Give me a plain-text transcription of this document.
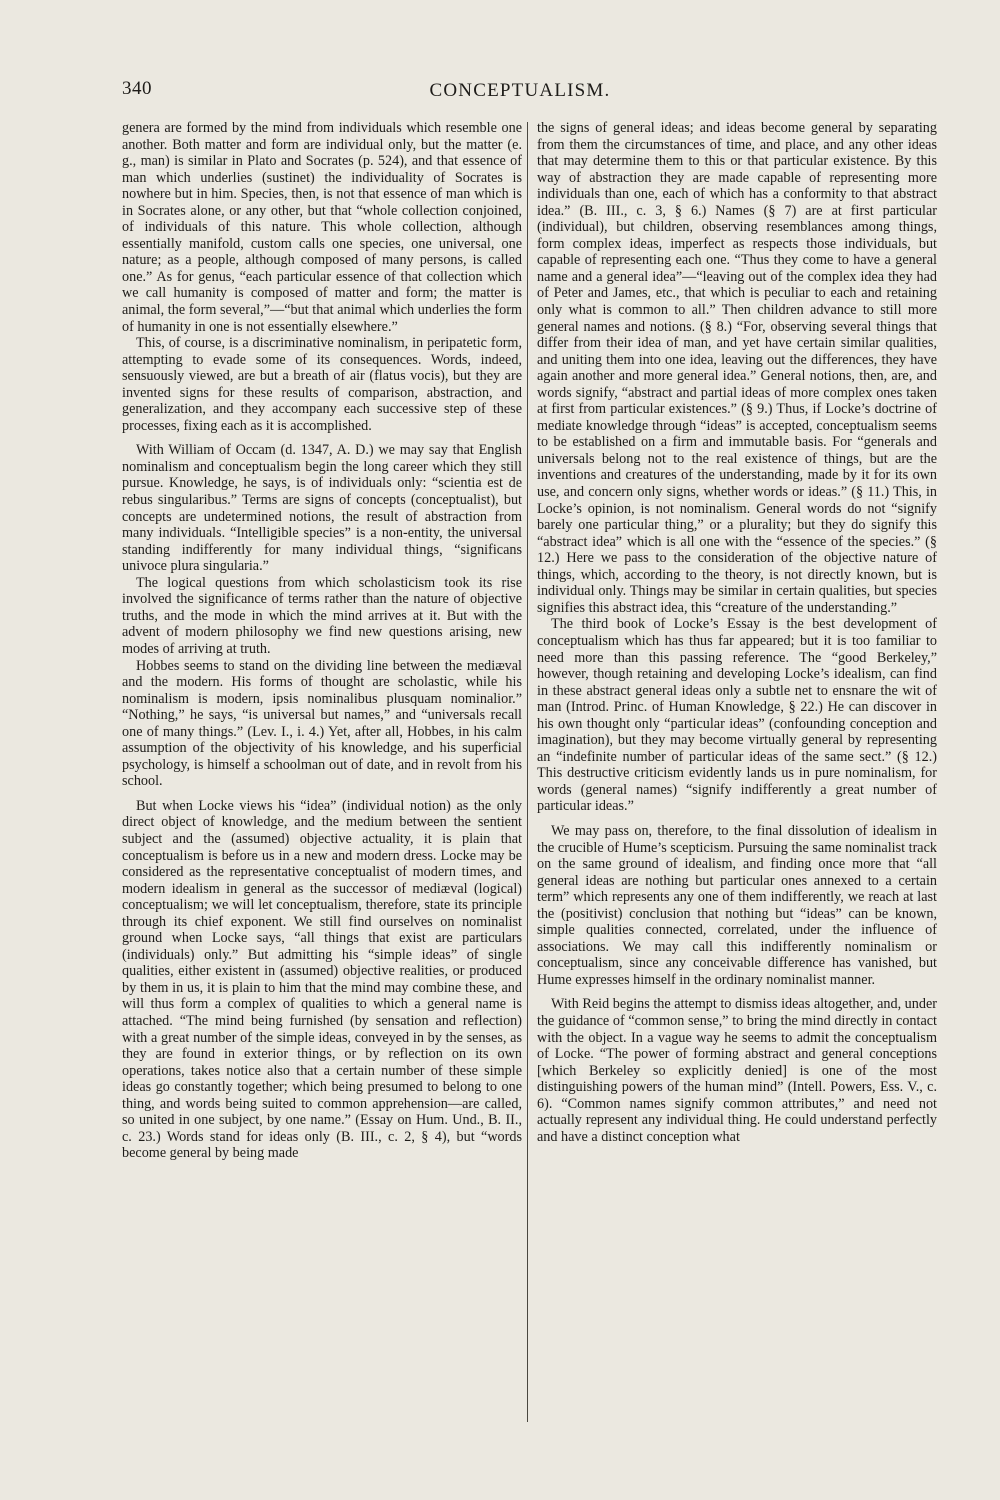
340	CONCEPTUALISM.

genera are formed by the mind from individuals which resemble one another. Both matter and form are individual only, but the matter (e. g., man) is similar in Plato and Socrates (p. 524), and that essence of man which underlies (sustinet) the individuality of Socrates is nowhere but in him. Species, then, is not that essence of man which is in Socrates alone, or any other, but that “whole collection conjoined, of individuals of this nature. This whole collection, although essentially manifold, custom calls one species, one universal, one nature; as a people, although composed of many persons, is called one.” As for genus, “each particular essence of that collection which we call humanity is composed of matter and form; the matter is animal, the form several,”—“but that animal which underlies the form of humanity in one is not essentially elsewhere.”

This, of course, is a discriminative nominalism, in peripatetic form, attempting to evade some of its consequences. Words, indeed, sensuously viewed, are but a breath of air (flatus vocis), but they are invented signs for these results of comparison, abstraction, and generalization, and they accompany each successive step of these processes, fixing each as it is accomplished.

With William of Occam (d. 1347, A. D.) we may say that English nominalism and conceptualism begin the long career which they still pursue. Knowledge, he says, is of individuals only: “scientia est de rebus singularibus.” Terms are signs of concepts (conceptualist), but concepts are undetermined notions, the result of abstraction from many individuals. “Intelligible species” is a non-entity, the universal standing indifferently for many individual things, “significans univoce plura singularia.”

The logical questions from which scholasticism took its rise involved the significance of terms rather than the nature of objective truths, and the mode in which the mind arrives at it. But with the advent of modern philosophy we find new questions arising, new modes of arriving at truth.

Hobbes seems to stand on the dividing line between the mediæval and the modern. His forms of thought are scholastic, while his nominalism is modern, ipsis nominalibus plusquam nominalior.” “Nothing,” he says, “is universal but names,” and “universals recall one of many things.” (Lev. I., i. 4.) Yet, after all, Hobbes, in his calm assumption of the objectivity of his knowledge, and his superficial psychology, is himself a schoolman out of date, and in revolt from his school.

But when Locke views his “idea” (individual notion) as the only direct object of knowledge, and the medium between the sentient subject and the (assumed) objective actuality, it is plain that conceptualism is before us in a new and modern dress. Locke may be considered as the representative conceptualist of modern times, and modern idealism in general as the successor of mediæval (logical) conceptualism; we will let conceptualism, therefore, state its principle through its chief exponent. We still find ourselves on nominalist ground when Locke says, “all things that exist are particulars (individuals) only.” But admitting his “simple ideas” of single qualities, either existent in (assumed) objective realities, or produced by them in us, it is plain to him that the mind may combine these, and will thus form a complex of qualities to which a general name is attached. “The mind being furnished (by sensation and reflection) with a great number of the simple ideas, conveyed in by the senses, as they are found in exterior things, or by reflection on its own operations, takes notice also that a certain number of these simple ideas go constantly together; which being presumed to belong to one thing, and words being suited to common apprehension—are called, so united in one subject, by one name.” (Essay on Hum. Und., B. II., c. 23.) Words stand for ideas only (B. III., c. 2, § 4), but “words become general by being made

the signs of general ideas; and ideas become general by separating from them the circumstances of time, and place, and any other ideas that may determine them to this or that particular existence. By this way of abstraction they are made capable of representing more individuals than one, each of which has a conformity to that abstract idea.” (B. III., c. 3, § 6.) Names (§ 7) are at first particular (individual), but children, observing resemblances among things, form complex ideas, imperfect as respects those individuals, but capable of representing each one. “Thus they come to have a general name and a general idea”—“leaving out of the complex idea they had of Peter and James, etc., that which is peculiar to each and retaining only what is common to all.” Then children advance to still more general names and notions. (§ 8.) “For, observing several things that differ from their idea of man, and yet have certain similar qualities, and uniting them into one idea, leaving out the differences, they have again another and more general idea.” General notions, then, are, and words signify, “abstract and partial ideas of more complex ones taken at first from particular existences.” (§ 9.) Thus, if Locke’s doctrine of mediate knowledge through “ideas” is accepted, conceptualism seems to be established on a firm and immutable basis. For “generals and universals belong not to the real existence of things, but are the inventions and creatures of the understanding, made by it for its own use, and concern only signs, whether words or ideas.” (§ 11.) This, in Locke’s opinion, is not nominalism. General words do not “signify barely one particular thing,” or a plurality; but they do signify this “abstract idea” which is all one with the “essence of the species.” (§ 12.) Here we pass to the consideration of the objective nature of things, which, according to the theory, is not directly known, but is individual only. Things may be similar in certain qualities, but species signifies this abstract idea, this “creature of the understanding.”

The third book of Locke’s Essay is the best development of conceptualism which has thus far appeared; but it is too familiar to need more than this passing reference. The “good Berkeley,” however, though retaining and developing Locke’s idealism, can find in these abstract general ideas only a subtle net to ensnare the wit of man (Introd. Princ. of Human Knowledge, § 22.) He can discover in his own thought only “particular ideas” (confounding conception and imagination), but they may become virtually general by representing an “indefinite number of particular ideas of the same sect.” (§ 12.) This destructive criticism evidently lands us in pure nominalism, for words (general names) “signify indifferently a great number of particular ideas.”

We may pass on, therefore, to the final dissolution of idealism in the crucible of Hume’s scepticism. Pursuing the same nominalist track on the same ground of idealism, and finding once more that “all general ideas are nothing but particular ones annexed to a certain term” which represents any one of them indifferently, we reach at last the (positivist) conclusion that nothing but “ideas” can be known, simple qualities connected, correlated, under the influence of associations. We may call this indifferently nominalism or conceptualism, since any conceivable difference has vanished, but Hume expresses himself in the ordinary nominalist manner.

With Reid begins the attempt to dismiss ideas altogether, and, under the guidance of “common sense,” to bring the mind directly in contact with the object. In a vague way he seems to admit the conceptualism of Locke. “The power of forming abstract and general conceptions [which Berkeley so explicitly denied] is one of the most distinguishing powers of the human mind” (Intell. Powers, Ess. V., c. 6). “Common names signify common attributes,” and need not actually represent any individual thing. He could understand perfectly and have a distinct conception what
